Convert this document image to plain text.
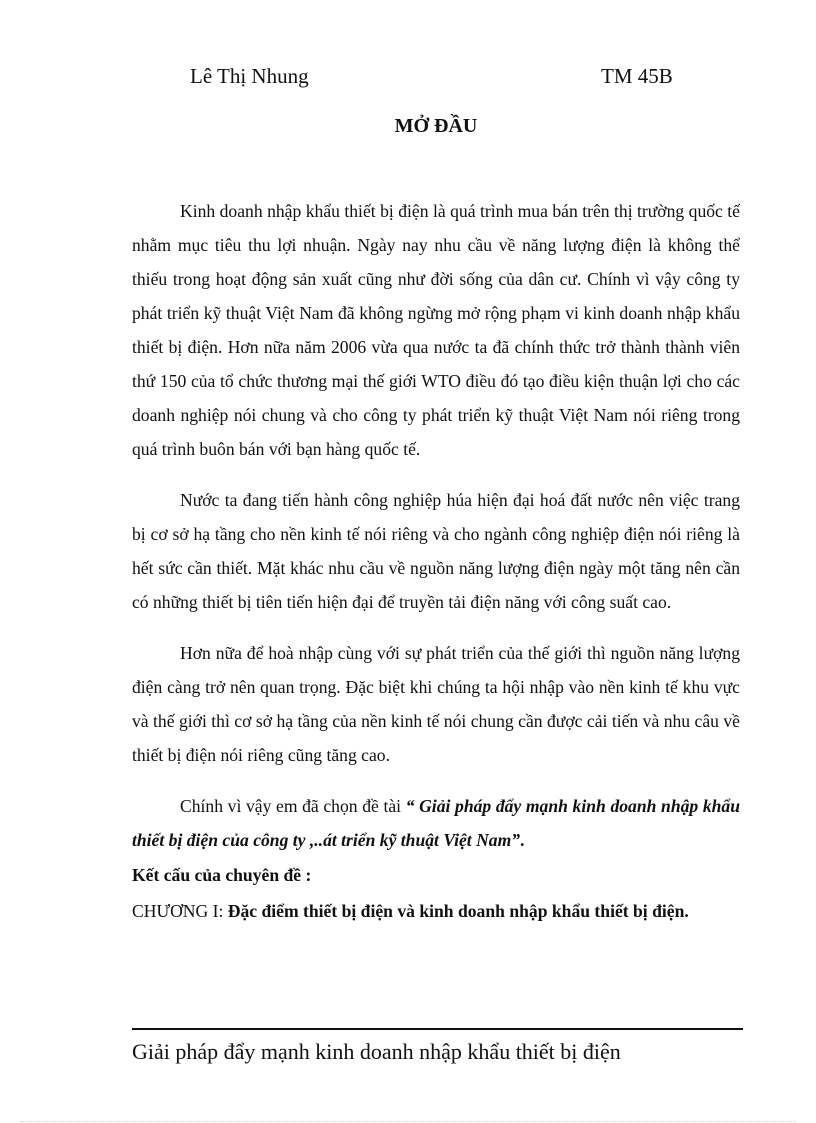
Lê Thị Nhung	TM 45B
MỞ ĐẦU

Kinh doanh nhập khẩu thiết bị điện là quá trình mua bán trên thị trường quốc tế nhằm mục tiêu thu lợi nhuận. Ngày nay nhu cầu về năng lượng điện là không thể thiếu trong hoạt động sản xuất cũng như đời sống của dân cư. Chính vì vậy công ty phát triển kỹ thuật Việt Nam đã không ngừng mở rộng phạm vi kinh doanh nhập khẩu thiết bị điện. Hơn nữa năm 2006 vừa qua nước ta đã chính thức trở thành thành viên thứ 150 của tổ chức thương mại thế giới WTO điều đó tạo điều kiện thuận lợi cho các doanh nghiệp nói chung và cho công ty phát triển kỹ thuật Việt Nam nói riêng trong quá trình buôn bán với bạn hàng quốc tế.

Nước ta đang tiến hành công nghiệp húa hiện đại hoá đất nước nên việc trang bị cơ sở hạ tầng cho nền kinh tế nói riêng và cho ngành công nghiệp điện nói riêng là hết sức cần thiết. Mặt khác nhu cầu về nguồn năng lượng điện ngày một tăng nên cần có những thiết bị tiên tiến hiện đại để truyền tải điện năng với công suất cao.

Hơn nữa để hoà nhập cùng với sự phát triển của thế giới thì nguồn năng lượng điện càng trở nên quan trọng. Đặc biệt khi chúng ta hội nhập vào nền kinh tế khu vực và thế giới thì cơ sở hạ tầng của nền kinh tế nói chung cần được cải tiến và nhu câu về thiết bị điện nói riêng cũng tăng cao.

Chính vì vậy em đã chọn đề tài “ Giải pháp đẩy mạnh kinh doanh nhập khẩu thiết bị điện của công ty ,..át triển kỹ thuật Việt Nam”.

Kết cấu của chuyên đề :

CHƯƠNG I: Đặc điểm thiết bị điện và kinh doanh nhập khẩu thiết bị điện.

Giải pháp đẩy mạnh kinh doanh nhập khẩu thiết bị điện
